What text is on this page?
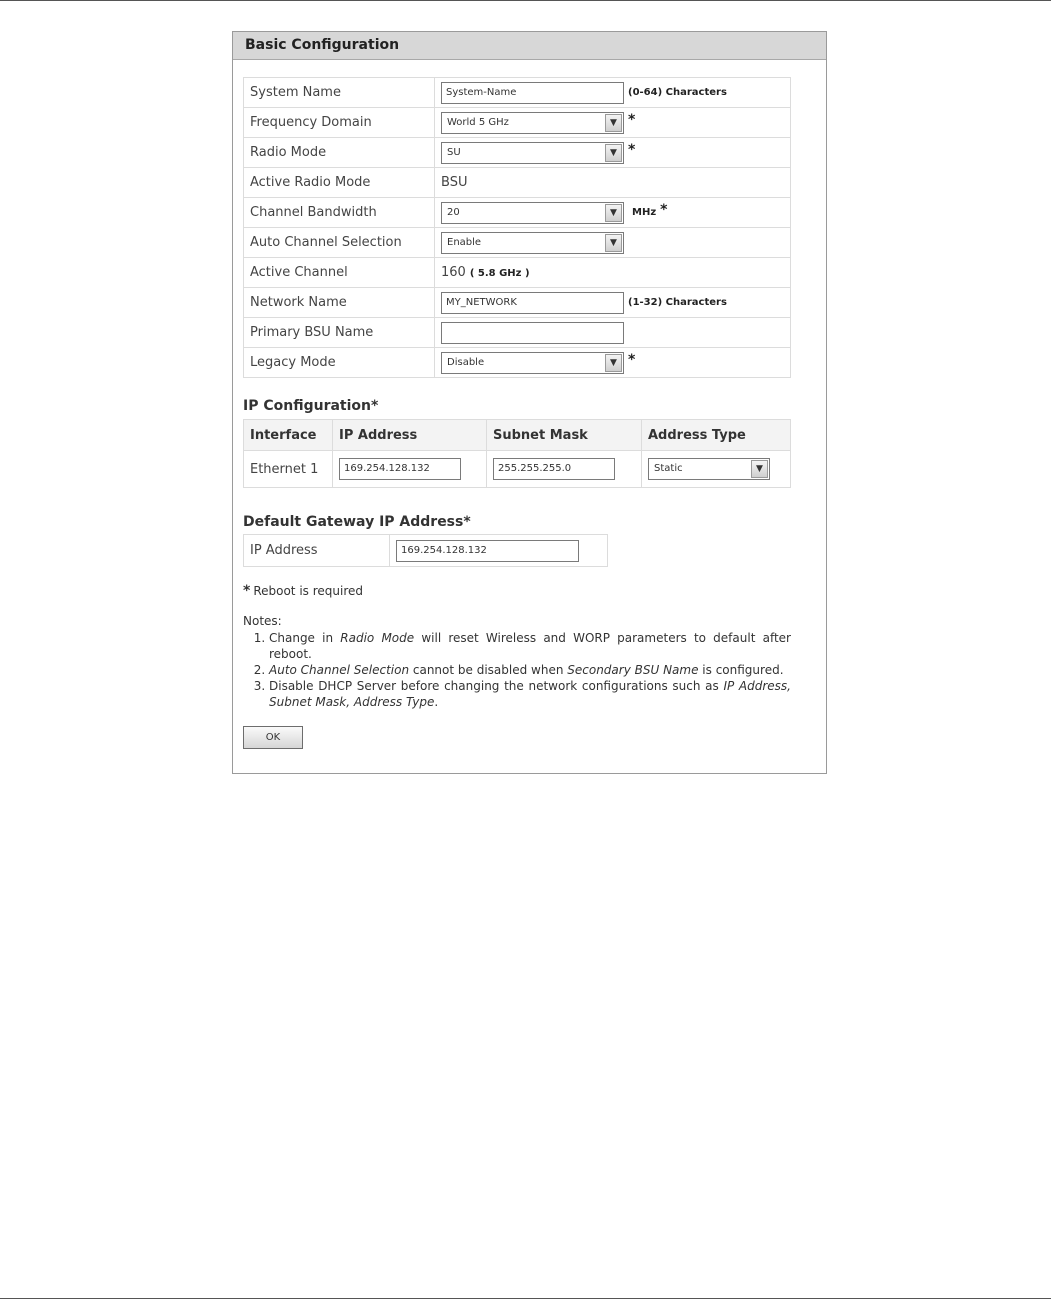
Basic Configuration
System Name	System-Name (0-64) Characters
Frequency Domain	World 5 GHz ▼ *
Radio Mode	SU ▼ *
Active Radio Mode	BSU
Channel Bandwidth	20 ▼ MHz *
Auto Channel Selection	Enable ▼

Active Channel	160 ( 5.8 GHz )
Network Name	MY_NETWORK (1-32) Characters
Primary BSU Name	
Legacy Mode	Disable ▼ *
IP Configuration*
Interface	IP Address	Subnet Mask	Address Type
Ethernet 1	169.254.128.132	255.255.255.0	Static ▼
Default Gateway IP Address*
IP Address	169.254.128.132
* Reboot is required
Notes:
1. Change in Radio Mode will reset Wireless and WORP parameters to default after reboot.
2. Auto Channel Selection cannot be disabled when Secondary BSU Name is configured.
3. Disable DHCP Server before changing the network configurations such as IP Address, Subnet Mask, Address Type.
OK
